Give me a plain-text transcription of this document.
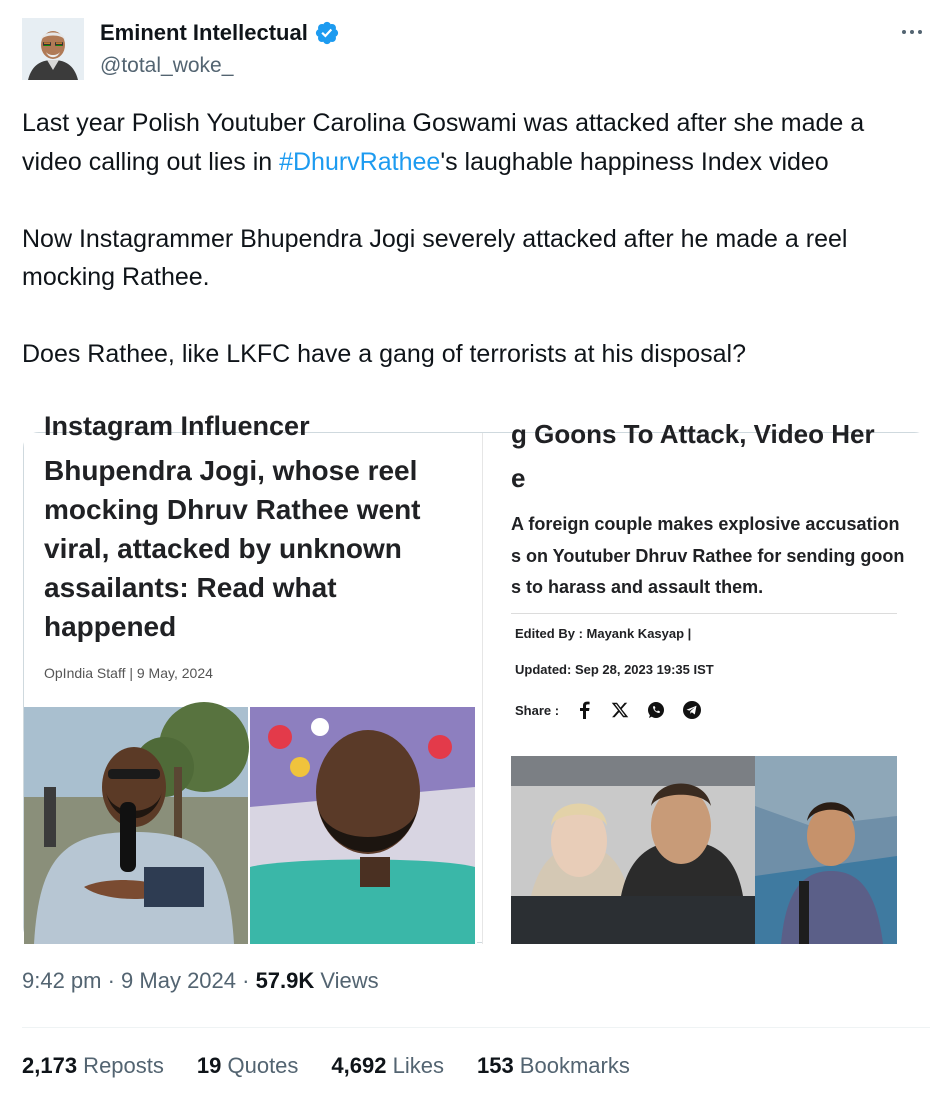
Eminent Intellectual
@total_woke_

Last year Polish Youtuber Carolina Goswami was attacked after she made a video calling out lies in #DhurvRathee's laughable happiness Index video

Now Instagrammer Bhupendra Jogi severely attacked after he made a reel mocking Rathee.

Does Rathee, like LKFC have a gang of terrorists at his disposal?

Instagram Influencer
Bhupendra Jogi, whose reel mocking Dhruv Rathee went viral, attacked by unknown assailants: Read what happened
OpIndia Staff | 9 May, 2024
g Goons To Attack, Video Her
e
A foreign couple makes explosive accusations on Youtuber Dhruv Rathee for sending goons to harass and assault them.
Edited By : Mayank Kasyap |
Updated: Sep 28, 2023 19:35 IST
Share :
9:42 pm · 9 May 2024 · 57.9K Views
2,173 Reposts 19 Quotes 4,692 Likes 153 Bookmarks
